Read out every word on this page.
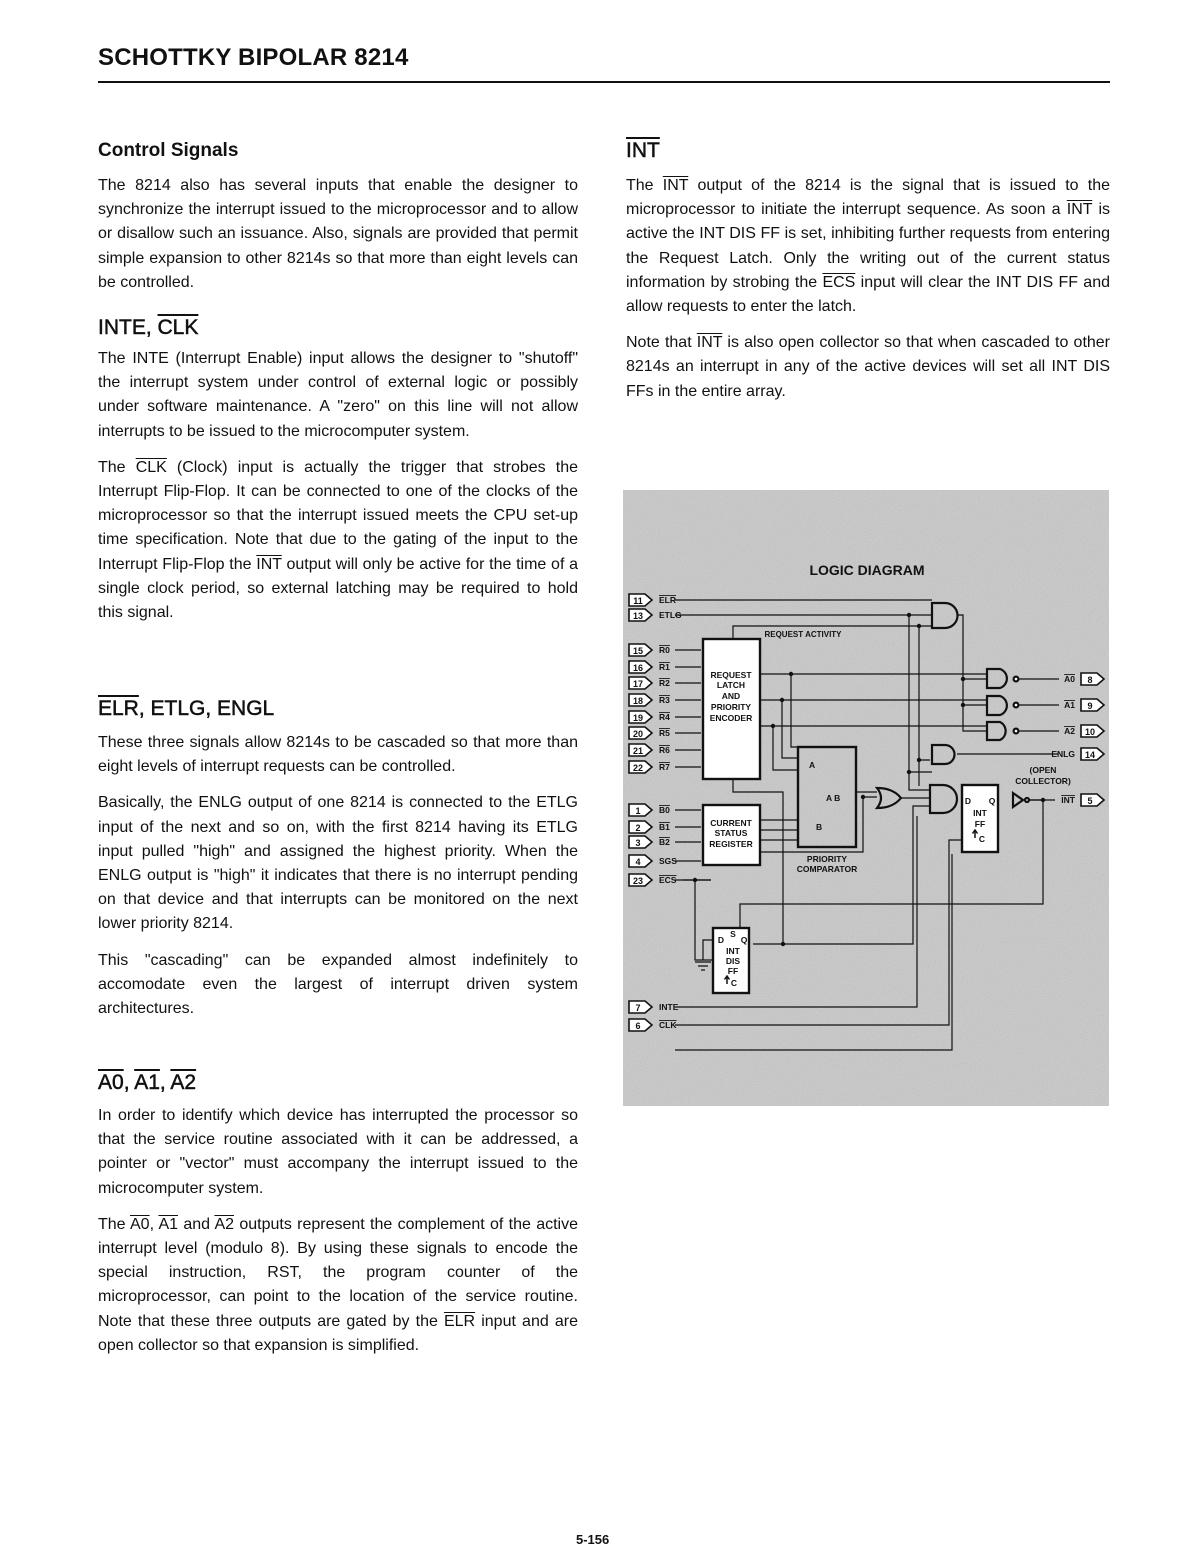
SCHOTTKY BIPOLAR 8214
Control Signals
The 8214 also has several inputs that enable the designer to synchronize the interrupt issued to the microprocessor and to allow or disallow such an issuance. Also, signals are provided that permit simple expansion to other 8214s so that more than eight levels can be controlled.
INTE, $\overline{CLK}$
The INTE (Interrupt Enable) input allows the designer to "shutoff" the interrupt system under control of external logic or possibly under software maintenance. A "zero" on this line will not allow interrupts to be issued to the microcomputer system.
The $\overline{CLK}$ (Clock) input is actually the trigger that strobes the Interrupt Flip-Flop. It can be connected to one of the clocks of the microprocessor so that the interrupt issued meets the CPU set-up time specification. Note that due to the gating of the input to the Interrupt Flip-Flop the $\overline{INT}$ output will only be active for the time of a single clock period, so external latching may be required to hold this signal.
$\overline{ELR}$, ETLG, ENGL
These three signals allow 8214s to be cascaded so that more than eight levels of interrupt requests can be controlled.
Basically, the ENLG output of one 8214 is connected to the ETLG input of the next and so on, with the first 8214 having its ETLG input pulled "high" and assigned the highest priority. When the ENLG output is "high" it indicates that there is no interrupt pending on that device and that interrupts can be monitored on the next lower priority 8214.
This "cascading" can be expanded almost indefinitely to accomodate even the largest of interrupt driven system architectures.
A0, A1, A2
In order to identify which device has interrupted the processor so that the service routine associated with it can be addressed, a pointer or "vector" must accompany the interrupt issued to the microcomputer system.
The A0, A1 and A2 outputs represent the complement of the active interrupt level (modulo 8). By using these signals to encode the special instruction, RST, the program counter of the microprocessor, can point to the location of the service routine. Note that these three outputs are gated by the $\overline{ELR}$ input and are open collector so that expansion is simplified.
$\overline{INT}$
The $\overline{INT}$ output of the 8214 is the signal that is issued to the microprocessor to initiate the interrupt sequence. As soon a $\overline{INT}$ is active the INT DIS FF is set, inhibiting further requests from entering the Request Latch. Only the writing out of the current status information by strobing the $\overline{ECS}$ input will clear the INT DIS FF and allow requests to enter the latch.
Note that $\overline{INT}$ is also open collector so that when cascaded to other 8214s an interrupt in any of the active devices will set all INT DIS FFs in the entire array.
LOGIC DIAGRAM
11 ELR
13 ETLG
15 R0
16 R1
17 R2
18 R3
19 R4
20 R5
21 R6
22 R7
1 B0
2 B1
3 B2
4 SGS
23 ECS
7 INTE
6 CLK
8
A0
9
A1
10
A2
14
ENLG
5
INT
REQUEST ACTIVITY
REQUEST
LATCH
AND
PRIORITY
ENCODER
CURRENT
STATUS
REGISTER
PRIORITY
COMPARATOR
(OPEN
COLLECTOR)
D Q
INT
FF
C
S
D Q
INT
DIS
FF
C
A
B
A B
5-156
